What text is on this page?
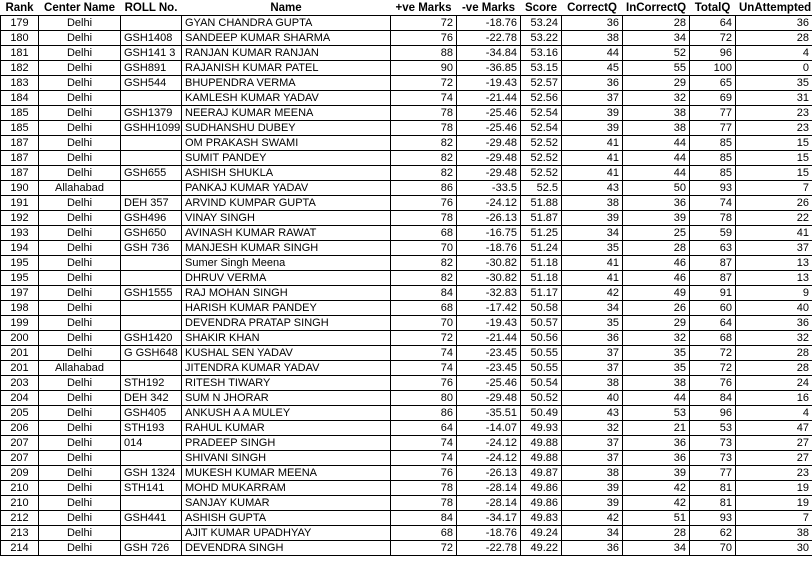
Rank	Center Name	ROLL No.	Name	+ve Marks	-ve Marks	Score	CorrectQ	InCorrectQ	TotalQ	UnAttempted
179	Delhi		GYAN CHANDRA GUPTA	72	-18.76	53.24	36	28	64	36
180	Delhi	GSH1408	SANDEEP KUMAR SHARMA	76	-22.78	53.22	38	34	72	28
181	Delhi	GSH141 3	RANJAN KUMAR RANJAN	88	-34.84	53.16	44	52	96	4
182	Delhi	GSH891	RAJANISH KUMAR PATEL	90	-36.85	53.15	45	55	100	0
183	Delhi	GSH544	BHUPENDRA VERMA	72	-19.43	52.57	36	29	65	35
184	Delhi		KAMLESH KUMAR YADAV	74	-21.44	52.56	37	32	69	31
185	Delhi	GSH1379	NEERAJ KUMAR MEENA	78	-25.46	52.54	39	38	77	23
185	Delhi	GSHH1099	SUDHANSHU DUBEY	78	-25.46	52.54	39	38	77	23
187	Delhi		OM PRAKASH SWAMI	82	-29.48	52.52	41	44	85	15
187	Delhi		SUMIT PANDEY	82	-29.48	52.52	41	44	85	15
187	Delhi	GSH655	ASHISH SHUKLA	82	-29.48	52.52	41	44	85	15
190	Allahabad		PANKAJ KUMAR YADAV	86	-33.5	52.5	43	50	93	7
191	Delhi	DEH 357	ARVIND KUMPAR GUPTA	76	-24.12	51.88	38	36	74	26
192	Delhi	GSH496	VINAY SINGH	78	-26.13	51.87	39	39	78	22
193	Delhi	GSH650	AVINASH KUMAR RAWAT	68	-16.75	51.25	34	25	59	41
194	Delhi	GSH 736	MANJESH KUMAR SINGH	70	-18.76	51.24	35	28	63	37
195	Delhi		Sumer Singh Meena	82	-30.82	51.18	41	46	87	13
195	Delhi		DHRUV VERMA	82	-30.82	51.18	41	46	87	13
197	Delhi	GSH1555	RAJ MOHAN SINGH	84	-32.83	51.17	42	49	91	9
198	Delhi		HARISH KUMAR PANDEY	68	-17.42	50.58	34	26	60	40
199	Delhi		DEVENDRA PRATAP SINGH	70	-19.43	50.57	35	29	64	36
200	Delhi	GSH1420	SHAKIR KHAN	72	-21.44	50.56	36	32	68	32
201	Delhi	G GSH648	KUSHAL SEN YADAV	74	-23.45	50.55	37	35	72	28
201	Allahabad		JITENDRA KUMAR YADAV	74	-23.45	50.55	37	35	72	28
203	Delhi	STH192	RITESH TIWARY	76	-25.46	50.54	38	38	76	24
204	Delhi	DEH 342	SUM N JHORAR	80	-29.48	50.52	40	44	84	16
205	Delhi	GSH405	ANKUSH A A MULEY	86	-35.51	50.49	43	53	96	4
206	Delhi	STH193	RAHUL KUMAR	64	-14.07	49.93	32	21	53	47
207	Delhi	014	PRADEEP SINGH	74	-24.12	49.88	37	36	73	27
207	Delhi		SHIVANI SINGH	74	-24.12	49.88	37	36	73	27
209	Delhi	GSH 1324	MUKESH KUMAR MEENA	76	-26.13	49.87	38	39	77	23
210	Delhi	STH141	MOHD MUKARRAM	78	-28.14	49.86	39	42	81	19
210	Delhi		SANJAY KUMAR	78	-28.14	49.86	39	42	81	19
212	Delhi	GSH441	ASHISH GUPTA	84	-34.17	49.83	42	51	93	7
213	Delhi		AJIT KUMAR UPADHYAY	68	-18.76	49.24	34	28	62	38
214	Delhi	GSH 726	DEVENDRA SINGH	72	-22.78	49.22	36	34	70	30
